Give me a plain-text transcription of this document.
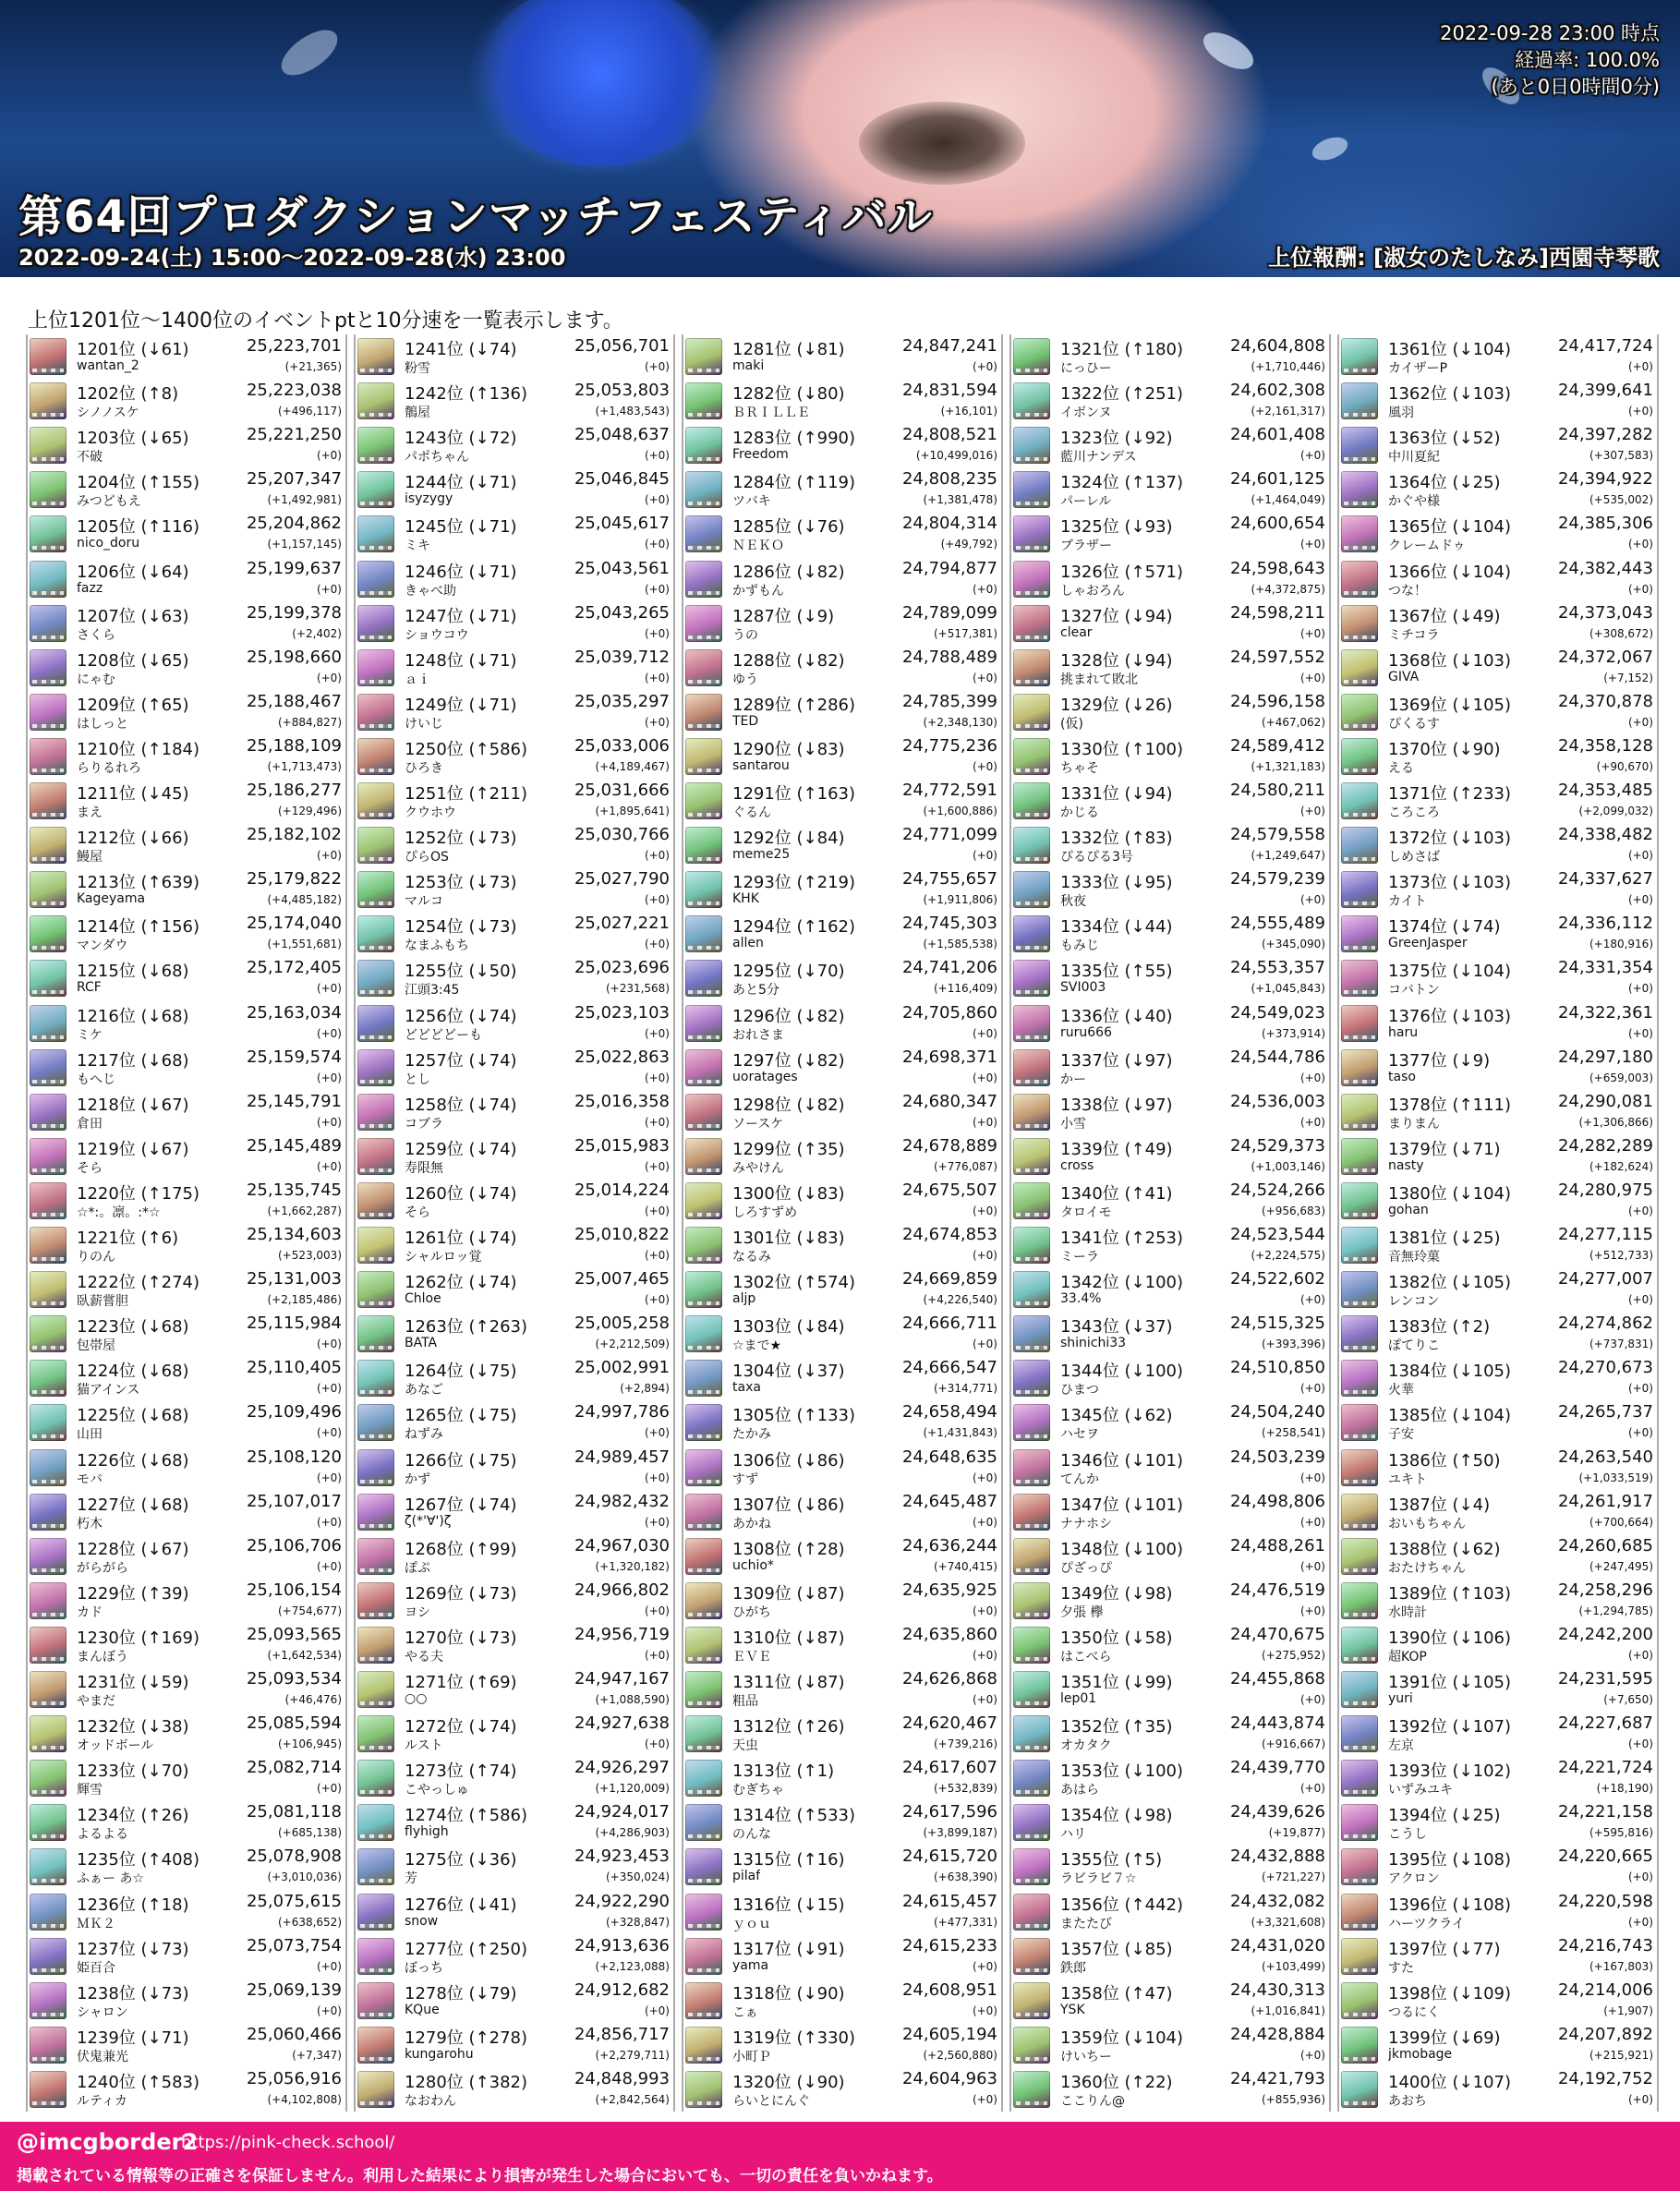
2022-09-28 23:00 時点
経過率: 100.0%
(あと0日0時間0分)
第64回プロダクションマッチフェスティバル
2022-09-24(土) 15:00〜2022-09-28(水) 23:00	上位報酬: [淑女のたしなみ]西園寺琴歌
上位1201位〜1400位のイベントptと10分速を一覧表示します。
1201位 (↓61)	25,223,701
wantan_2	(+21,365)
1202位 (↑8)	25,223,038
シノノスケ	(+496,117)
1203位 (↓65)	25,221,250
不破	(+0)
1204位 (↑155)	25,207,347
みつどもえ	(+1,492,981)
1205位 (↑116)	25,204,862
nico_doru	(+1,157,145)
1206位 (↓64)	25,199,637
fazz	(+0)
1207位 (↓63)	25,199,378
さくら	(+2,402)
1208位 (↓65)	25,198,660
にゃむ	(+0)
1209位 (↑65)	25,188,467
はしっと	(+884,827)
1210位 (↑184)	25,188,109
らりるれろ	(+1,713,473)
1211位 (↓45)	25,186,277
まえ	(+129,496)
1212位 (↓66)	25,182,102
鰻屋	(+0)
1213位 (↑639)	25,179,822
Kageyama	(+4,485,182)
1214位 (↑156)	25,174,040
マンダウ	(+1,551,681)
1215位 (↓68)	25,172,405
RCF	(+0)
1216位 (↓68)	25,163,034
ミケ	(+0)
1217位 (↓68)	25,159,574
もへじ	(+0)
1218位 (↓67)	25,145,791
倉田	(+0)
1219位 (↓67)	25,145,489
そら	(+0)
1220位 (↑175)	25,135,745
☆*:。凛。:*☆	(+1,662,287)
1221位 (↑6)	25,134,603
りのん	(+523,003)
1222位 (↑274)	25,131,003
臥薪嘗胆	(+2,185,486)
1223位 (↓68)	25,115,984
包帯屋	(+0)
1224位 (↓68)	25,110,405
猫アインス	(+0)
1225位 (↓68)	25,109,496
山田	(+0)
1226位 (↓68)	25,108,120
モバ	(+0)
1227位 (↓68)	25,107,017
朽木	(+0)
1228位 (↓67)	25,106,706
がらがら	(+0)
1229位 (↑39)	25,106,154
カド	(+754,677)
1230位 (↑169)	25,093,565
まんぼう	(+1,642,534)
1231位 (↓59)	25,093,534
やまだ	(+46,476)
1232位 (↓38)	25,085,594
オッドボール	(+106,945)
1233位 (↓70)	25,082,714
輝雪	(+0)
1234位 (↑26)	25,081,118
よるよる	(+685,138)
1235位 (↑408)	25,078,908
ふぁー あ☆	(+3,010,036)
1236位 (↑18)	25,075,615
ＭＫ２	(+638,652)
1237位 (↓73)	25,073,754
姫百合	(+0)
1238位 (↓73)	25,069,139
シャロン	(+0)
1239位 (↓71)	25,060,466
伏鬼兼光	(+7,347)
1240位 (↑583)	25,056,916
ルティカ	(+4,102,808)
1241位 (↓74)	25,056,701
粉雪	(+0)
1242位 (↑136)	25,053,803
鶺屋	(+1,483,543)
1243位 (↓72)	25,048,637
パポちゃん	(+0)
1244位 (↓71)	25,046,845
isyzygy	(+0)
1245位 (↓71)	25,045,617
ミキ	(+0)
1246位 (↓71)	25,043,561
きゃべ助	(+0)
1247位 (↓71)	25,043,265
ショウコウ	(+0)
1248位 (↓71)	25,039,712
ａｉ	(+0)
1249位 (↓71)	25,035,297
けいじ	(+0)
1250位 (↑586)	25,033,006
ひろき	(+4,189,467)
1251位 (↑211)	25,031,666
クウホウ	(+1,895,641)
1252位 (↓73)	25,030,766
ぴらOS	(+0)
1253位 (↓73)	25,027,790
マルコ	(+0)
1254位 (↓73)	25,027,221
なまふもち	(+0)
1255位 (↓50)	25,023,696
江頭3:45	(+231,568)
1256位 (↓74)	25,023,103
どどどどーも	(+0)
1257位 (↓74)	25,022,863
とし	(+0)
1258位 (↓74)	25,016,358
コブラ	(+0)
1259位 (↓74)	25,015,983
寿限無	(+0)
1260位 (↓74)	25,014,224
そら	(+0)
1261位 (↓74)	25,010,822
シャルロッ覚	(+0)
1262位 (↓74)	25,007,465
Chloe	(+0)
1263位 (↑263)	25,005,258
BATA	(+2,212,509)
1264位 (↓75)	25,002,991
あなご	(+2,894)
1265位 (↓75)	24,997,786
ねずみ	(+0)
1266位 (↓75)	24,989,457
かず	(+0)
1267位 (↓74)	24,982,432
ζ(*'∀')ζ	(+0)
1268位 (↑99)	24,967,030
ぽぷ	(+1,320,182)
1269位 (↓73)	24,966,802
ヨシ	(+0)
1270位 (↓73)	24,956,719
やる夫	(+0)
1271位 (↑69)	24,947,167
○○	(+1,088,590)
1272位 (↓74)	24,927,638
ルスト	(+0)
1273位 (↑74)	24,926,297
こやっしゅ	(+1,120,009)
1274位 (↑586)	24,924,017
flyhigh	(+4,286,903)
1275位 (↓36)	24,923,453
芳	(+350,024)
1276位 (↓41)	24,922,290
snow	(+328,847)
1277位 (↑250)	24,913,636
ぼっち	(+2,123,088)
1278位 (↓79)	24,912,682
KQue	(+0)
1279位 (↑278)	24,856,717
kungarohu	(+2,279,711)
1280位 (↑382)	24,848,993
なおわん	(+2,842,564)
1281位 (↓81)	24,847,241
maki	(+0)
1282位 (↓80)	24,831,594
ＢＲＩＬＬＥ	(+16,101)
1283位 (↑990)	24,808,521
Freedom	(+10,499,016)
1284位 (↑119)	24,808,235
ツバキ	(+1,381,478)
1285位 (↓76)	24,804,314
ＮＥＫＯ	(+49,792)
1286位 (↓82)	24,794,877
かずもん	(+0)
1287位 (↓9)	24,789,099
うの	(+517,381)
1288位 (↓82)	24,788,489
ゆう	(+0)
1289位 (↑286)	24,785,399
TED	(+2,348,130)
1290位 (↓83)	24,775,236
santarou	(+0)
1291位 (↑163)	24,772,591
ぐるん	(+1,600,886)
1292位 (↓84)	24,771,099
meme25	(+0)
1293位 (↑219)	24,755,657
KHK	(+1,911,806)
1294位 (↑162)	24,745,303
allen	(+1,585,538)
1295位 (↓70)	24,741,206
あと5分	(+116,409)
1296位 (↓82)	24,705,860
おれさま	(+0)
1297位 (↓82)	24,698,371
uoratages	(+0)
1298位 (↓82)	24,680,347
ソースケ	(+0)
1299位 (↑35)	24,678,889
みやけん	(+776,087)
1300位 (↓83)	24,675,507
しろすずめ	(+0)
1301位 (↓83)	24,674,853
なるみ	(+0)
1302位 (↑574)	24,669,859
aljp	(+4,226,540)
1303位 (↓84)	24,666,711
☆まで★	(+0)
1304位 (↓37)	24,666,547
taxa	(+314,771)
1305位 (↑133)	24,658,494
たかみ	(+1,431,843)
1306位 (↓86)	24,648,635
すず	(+0)
1307位 (↓86)	24,645,487
あかね	(+0)
1308位 (↑28)	24,636,244
uchio*	(+740,415)
1309位 (↓87)	24,635,925
ひがち	(+0)
1310位 (↓87)	24,635,860
ＥＶＥ	(+0)
1311位 (↓87)	24,626,868
粗品	(+0)
1312位 (↑26)	24,620,467
天虫	(+739,216)
1313位 (↑1)	24,617,607
むぎちゃ	(+532,839)
1314位 (↑533)	24,617,596
のんな	(+3,899,187)
1315位 (↑16)	24,615,720
pilaf	(+638,390)
1316位 (↓15)	24,615,457
ｙｏｕ	(+477,331)
1317位 (↓91)	24,615,233
yama	(+0)
1318位 (↓90)	24,608,951
こぁ	(+0)
1319位 (↑330)	24,605,194
小町Ｐ	(+2,560,880)
1320位 (↓90)	24,604,963
らいとにんぐ	(+0)
1321位 (↑180)	24,604,808
にっひー	(+1,710,446)
1322位 (↑251)	24,602,308
イボンヌ	(+2,161,317)
1323位 (↓92)	24,601,408
藍川ナンデス	(+0)
1324位 (↑137)	24,601,125
パーレル	(+1,464,049)
1325位 (↓93)	24,600,654
ブラザー	(+0)
1326位 (↑571)	24,598,643
しゃおろん	(+4,372,875)
1327位 (↓94)	24,598,211
clear	(+0)
1328位 (↓94)	24,597,552
挑まれて敗北	(+0)
1329位 (↓26)	24,596,158
(仮)	(+467,062)
1330位 (↑100)	24,589,412
ちゃそ	(+1,321,183)
1331位 (↓94)	24,580,211
かじる	(+0)
1332位 (↑83)	24,579,558
ぴるぴる3号	(+1,249,647)
1333位 (↓95)	24,579,239
秋夜	(+0)
1334位 (↓44)	24,555,489
もみじ	(+345,090)
1335位 (↑55)	24,553,357
SVI003	(+1,045,843)
1336位 (↓40)	24,549,023
ruru666	(+373,914)
1337位 (↓97)	24,544,786
かー	(+0)
1338位 (↓97)	24,536,003
小雪	(+0)
1339位 (↑49)	24,529,373
cross	(+1,003,146)
1340位 (↑41)	24,524,266
タロイモ	(+956,683)
1341位 (↑253)	24,523,544
ミーラ	(+2,224,575)
1342位 (↓100)	24,522,602
33.4%	(+0)
1343位 (↓37)	24,515,325
shinichi33	(+393,396)
1344位 (↓100)	24,510,850
ひまつ	(+0)
1345位 (↓62)	24,504,240
ハセヲ	(+258,541)
1346位 (↓101)	24,503,239
てんか	(+0)
1347位 (↓101)	24,498,806
ナナホシ	(+0)
1348位 (↓100)	24,488,261
ぴざっぴ	(+0)
1349位 (↓98)	24,476,519
夕張 欅	(+0)
1350位 (↓58)	24,470,675
はこべら	(+275,952)
1351位 (↓99)	24,455,868
lep01	(+0)
1352位 (↑35)	24,443,874
オカタク	(+916,667)
1353位 (↓100)	24,439,770
あはら	(+0)
1354位 (↓98)	24,439,626
ハリ	(+19,877)
1355位 (↑5)	24,432,888
ラビラビ７☆	(+721,227)
1356位 (↑442)	24,432,082
またたび	(+3,321,608)
1357位 (↓85)	24,431,020
鉄郎	(+103,499)
1358位 (↑47)	24,430,313
YSK	(+1,016,841)
1359位 (↓104)	24,428,884
けいちー	(+0)
1360位 (↑22)	24,421,793
ここりん@	(+855,936)
1361位 (↓104)	24,417,724
カイザーP	(+0)
1362位 (↓103)	24,399,641
風羽	(+0)
1363位 (↓52)	24,397,282
中川夏紀	(+307,583)
1364位 (↓25)	24,394,922
かぐや様	(+535,002)
1365位 (↓104)	24,385,306
クレームドゥ	(+0)
1366位 (↓104)	24,382,443
つな！	(+0)
1367位 (↓49)	24,373,043
ミチコラ	(+308,672)
1368位 (↓103)	24,372,067
GIVA	(+7,152)
1369位 (↓105)	24,370,878
ぴくるす	(+0)
1370位 (↓90)	24,358,128
える	(+90,670)
1371位 (↑233)	24,353,485
ころころ	(+2,099,032)
1372位 (↓103)	24,338,482
しめさば	(+0)
1373位 (↓103)	24,337,627
カイト	(+0)
1374位 (↓74)	24,336,112
GreenJasper	(+180,916)
1375位 (↓104)	24,331,354
コバトン	(+0)
1376位 (↓103)	24,322,361
haru	(+0)
1377位 (↓9)	24,297,180
taso	(+659,003)
1378位 (↑111)	24,290,081
まりまん	(+1,306,866)
1379位 (↓71)	24,282,289
nasty	(+182,624)
1380位 (↓104)	24,280,975
gohan	(+0)
1381位 (↓25)	24,277,115
音無玲菓	(+512,733)
1382位 (↓105)	24,277,007
レンコン	(+0)
1383位 (↑2)	24,274,862
ぽてりこ	(+737,831)
1384位 (↓105)	24,270,673
火華	(+0)
1385位 (↓104)	24,265,737
子安	(+0)
1386位 (↑50)	24,263,540
ユキト	(+1,033,519)
1387位 (↓4)	24,261,917
おいもちゃん	(+700,664)
1388位 (↓62)	24,260,685
おたけちゃん	(+247,495)
1389位 (↑103)	24,258,296
水時計	(+1,294,785)
1390位 (↓106)	24,242,200
超KOP	(+0)
1391位 (↓105)	24,231,595
yuri	(+7,650)
1392位 (↓107)	24,227,687
左京	(+0)
1393位 (↓102)	24,221,724
いずみユキ	(+18,190)
1394位 (↓25)	24,221,158
こうし	(+595,816)
1395位 (↓108)	24,220,665
アクロン	(+0)
1396位 (↓108)	24,220,598
ハーツクライ	(+0)
1397位 (↓77)	24,216,743
すた	(+167,803)
1398位 (↓109)	24,214,006
つるにく	(+1,907)
1399位 (↓69)	24,207,892
jkmobage	(+215,921)
1400位 (↓107)	24,192,752
あおち	(+0)
@imcgborder2
https://pink-check.school/
掲載されている情報等の正確さを保証しません。利用した結果により損害が発生した場合においても、一切の責任を負いかねます。
